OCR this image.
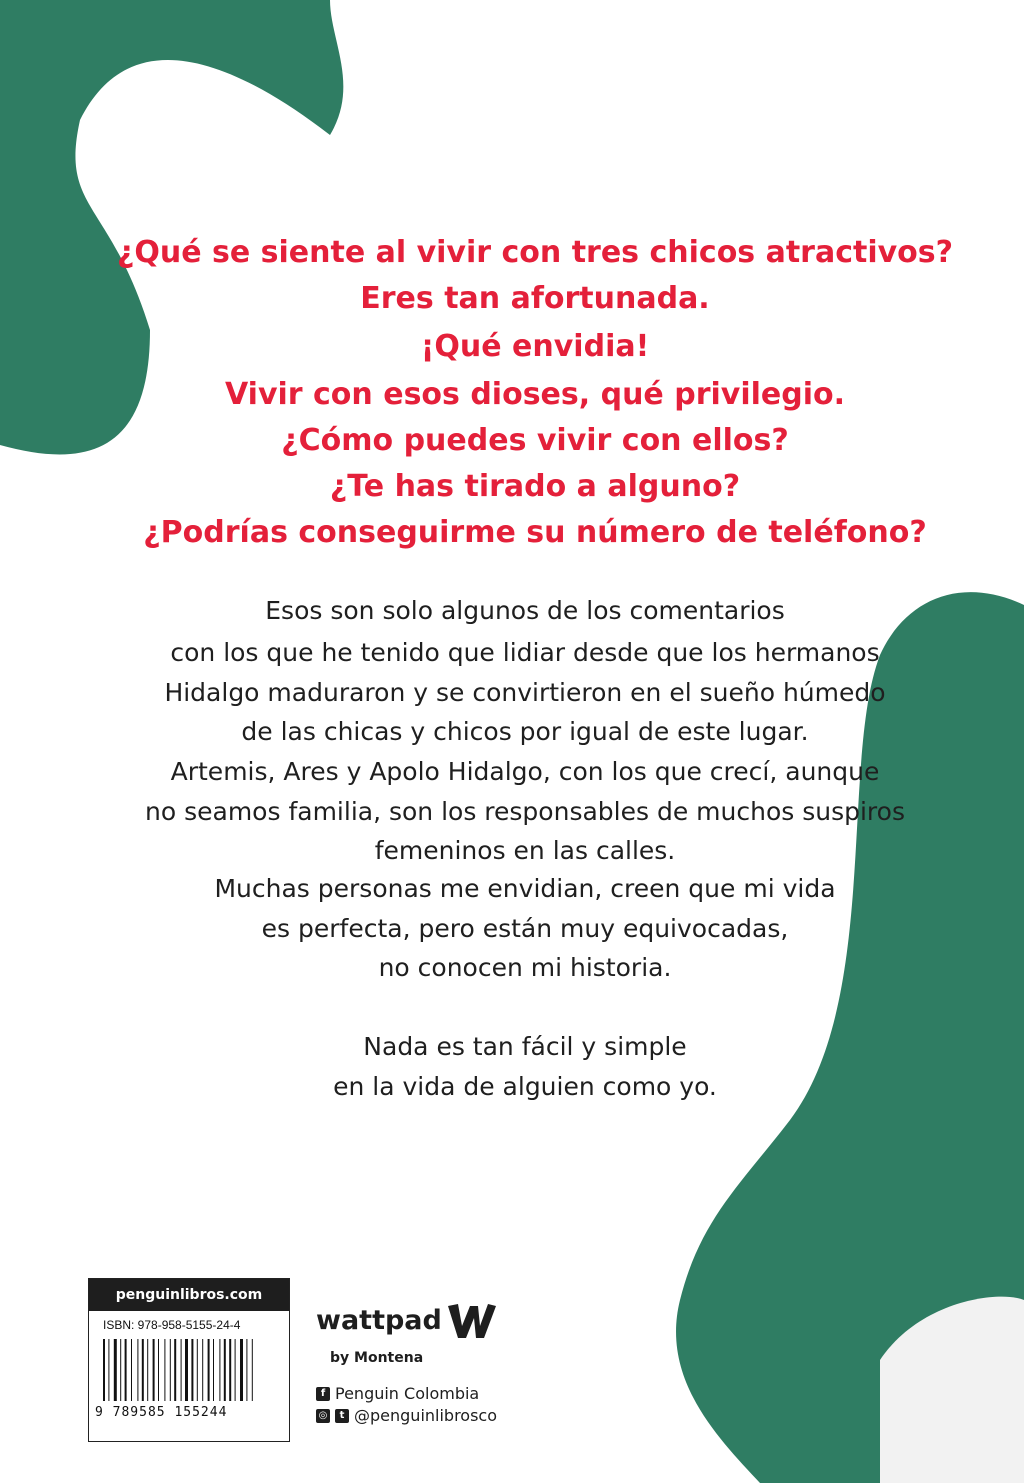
¿Qué se siente al vivir con tres chicos atractivos?

Eres tan afortunada.

¡Qué envidia!

Vivir con esos dioses, qué privilegio.

¿Cómo puedes vivir con ellos?

¿Te has tirado a alguno?

¿Podrías conseguirme su número de teléfono?

Esos son solo algunos de los comentarios

con los que he tenido que lidiar desde que los hermanos

Hidalgo maduraron y se convirtieron en el sueño húmedo

de las chicas y chicos por igual de este lugar.

Artemis, Ares y Apolo Hidalgo, con los que crecí, aunque

no seamos familia, son los responsables de muchos suspiros

femeninos en las calles.

Muchas personas me envidian, creen que mi vida

es perfecta, pero están muy equivocadas,

no conocen mi historia.

Nada es tan fácil y simple

en la vida de alguien como yo.

penguinlibros.com
ISBN: 978-958-5155-24-4
9 789585 155244
wattpad
by Montena
f Penguin Colombia
◎	t @penguinlibrosco
